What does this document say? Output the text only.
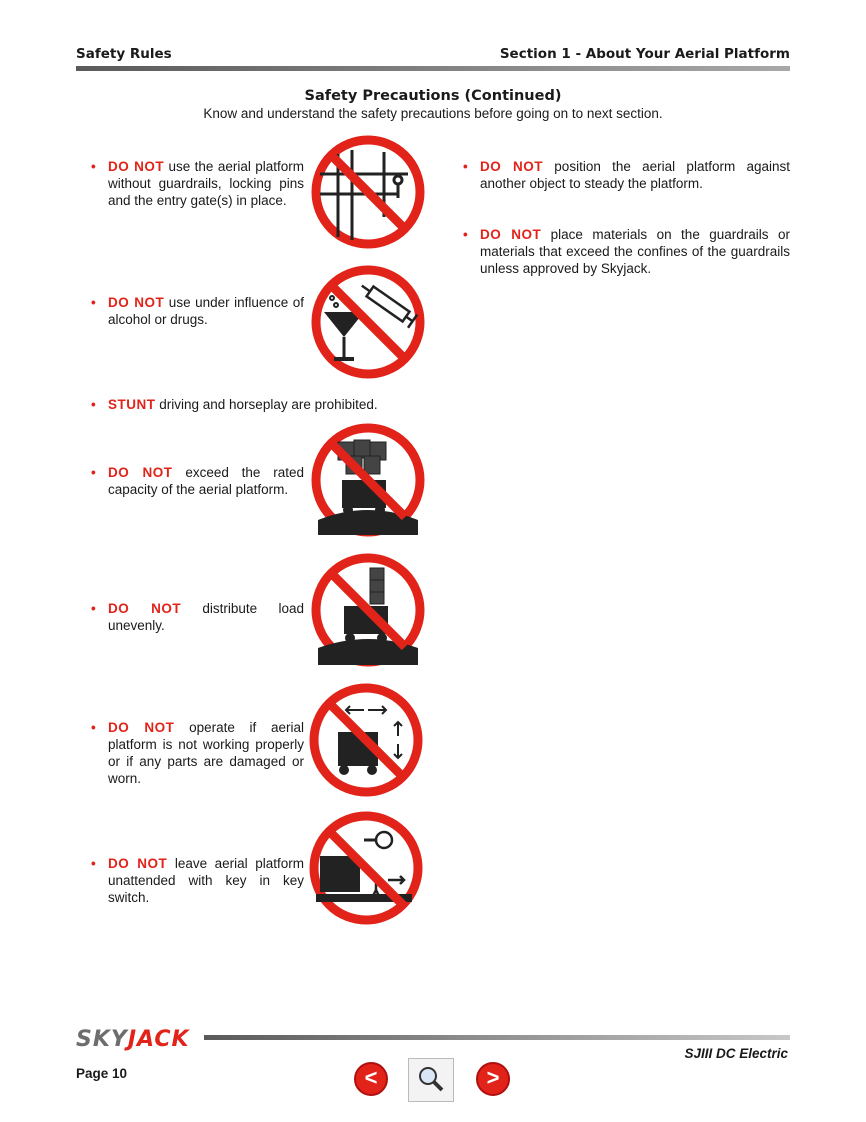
Safety Rules	Section 1 - About Your Aerial Platform
Safety Precautions (Continued)
Know and understand the safety precautions before going on to next section.
• DO NOT use the aerial platform without guardrails, locking pins and the entry gate(s) in place.
• DO NOT use under influence of alcohol or drugs.
• STUNT driving and horseplay are prohibited.
• DO NOT exceed the rated capacity of the aerial platform.
• DO NOT distribute load unevenly.
• DO NOT operate if aerial platform is not working properly or if any parts are damaged or worn.
• DO NOT leave aerial platform unattended with key in key switch.
• DO NOT position the aerial platform against another object to steady the platform.
• DO NOT place materials on the guardrails or materials that exceed the confines of the guardrails unless approved by Skyjack.
SKYJACK
SJIII DC Electric
Page 10	<	>
